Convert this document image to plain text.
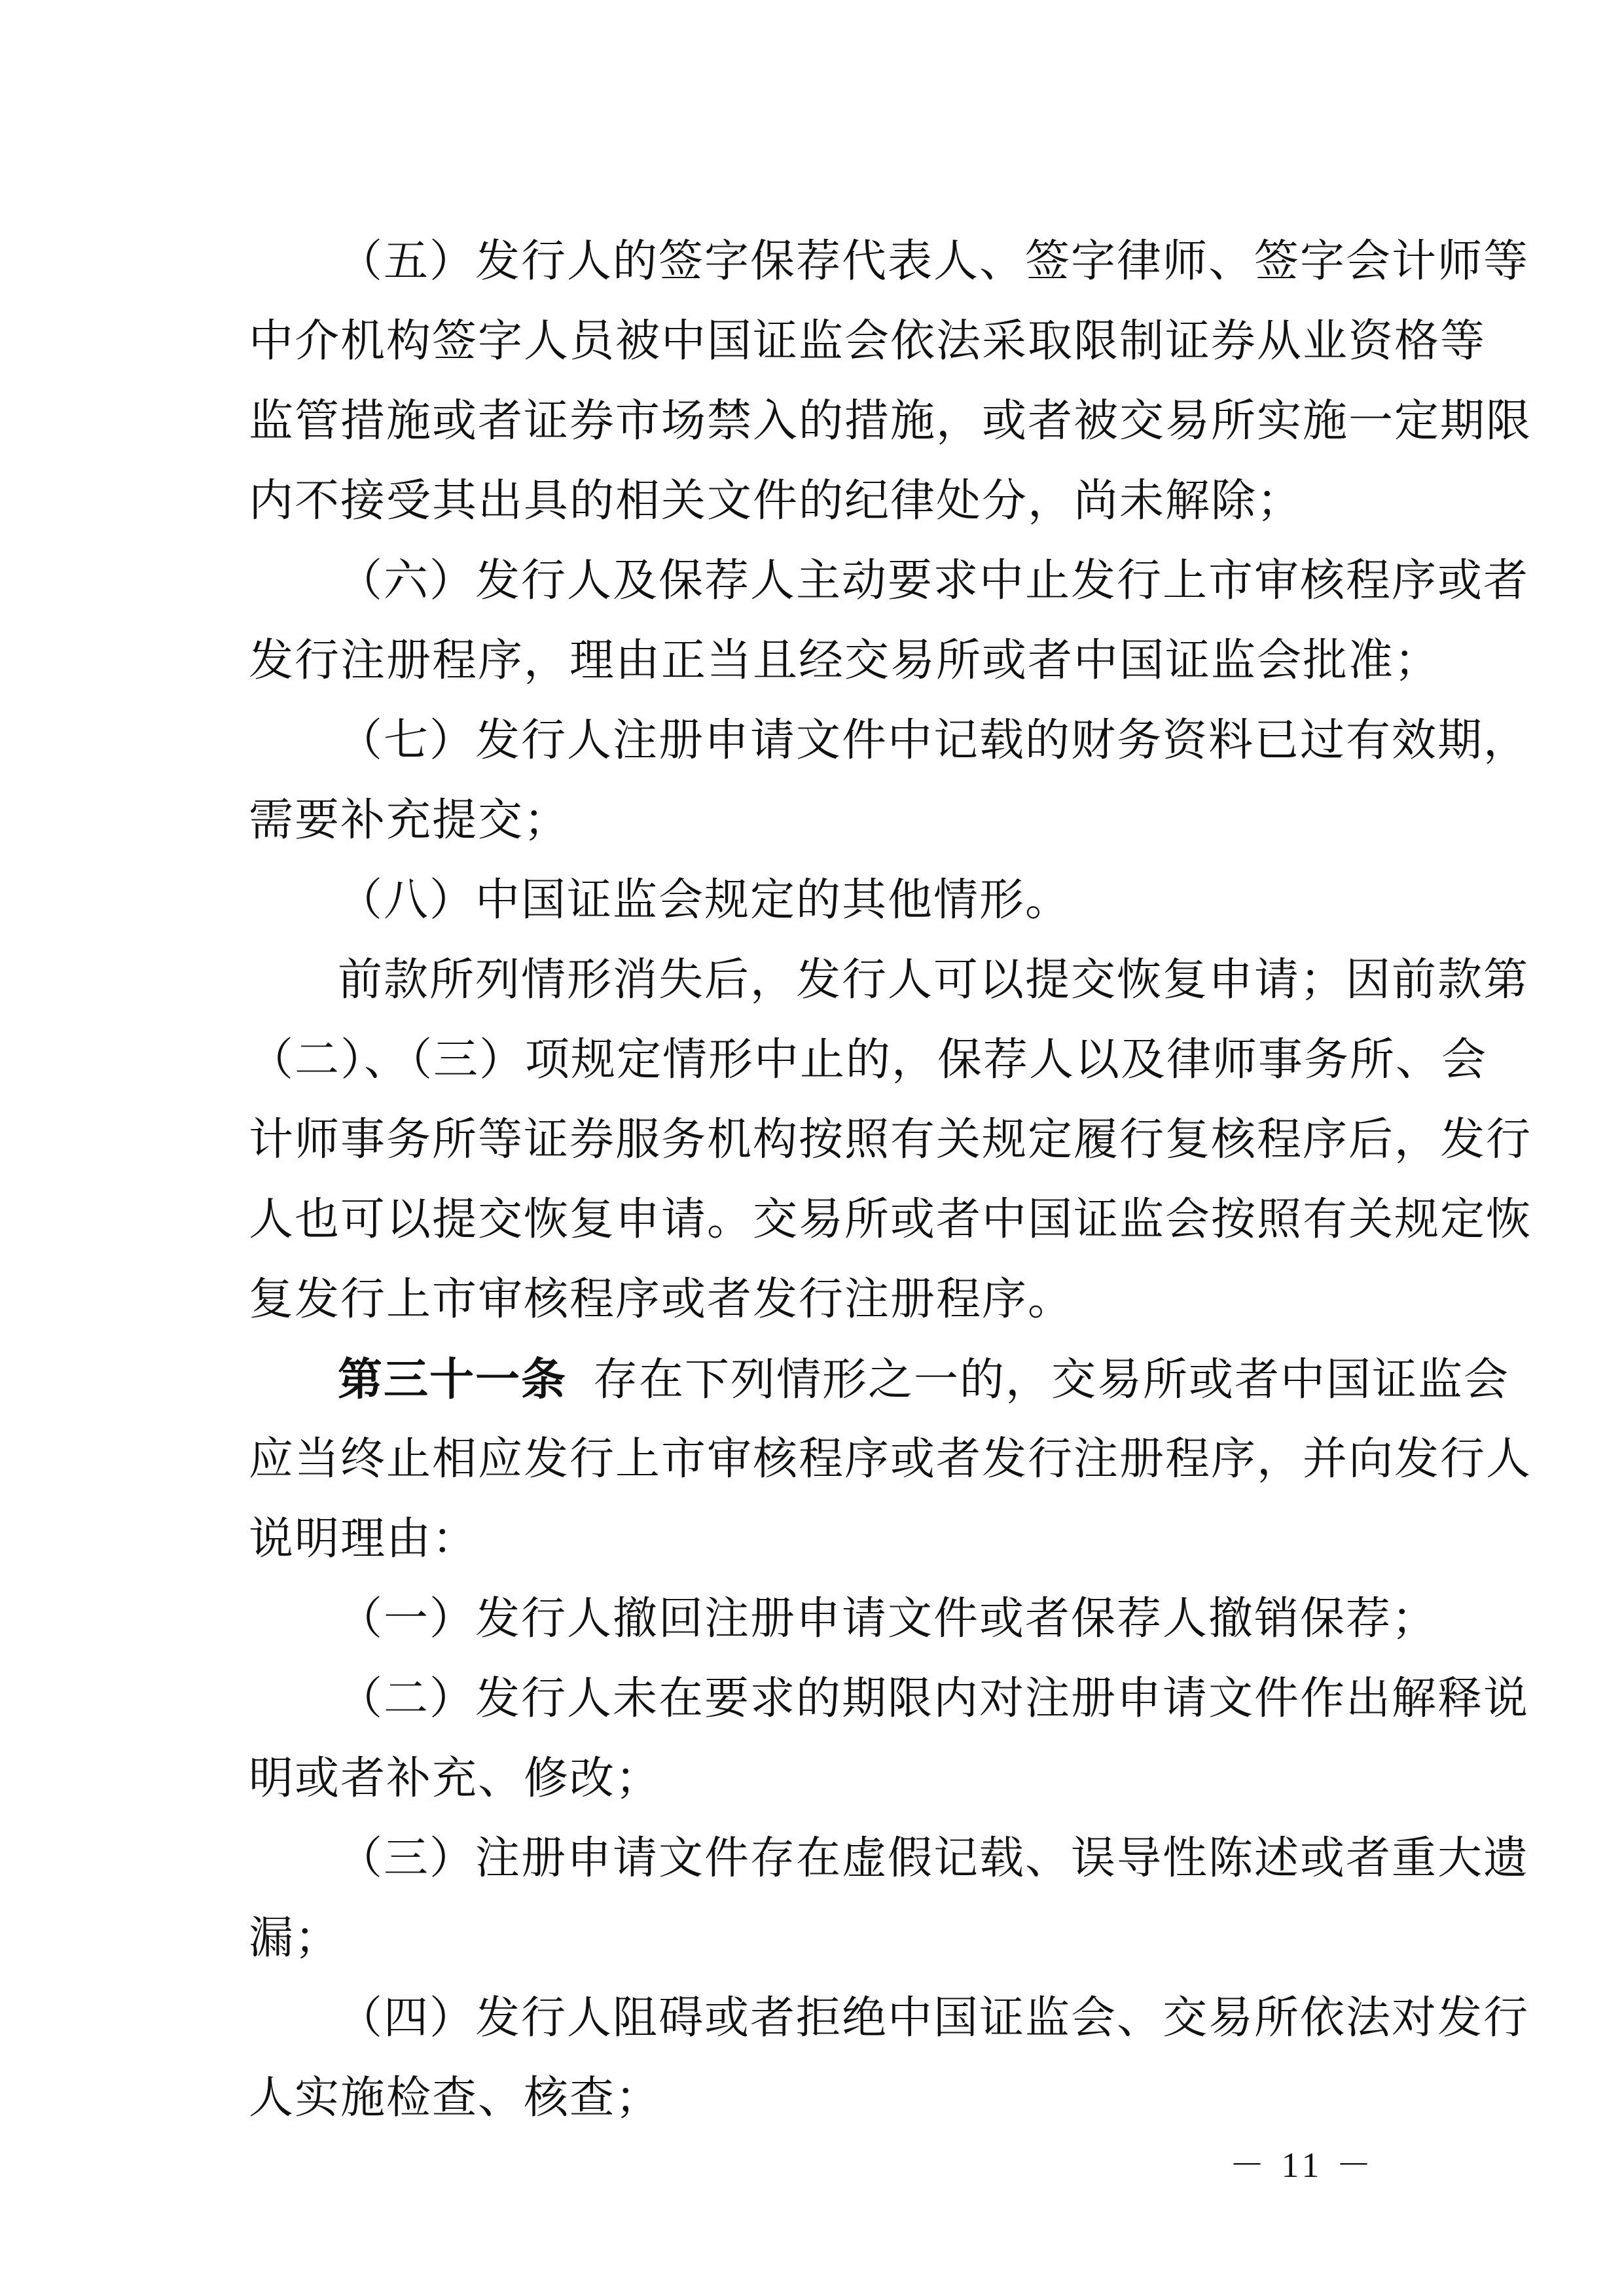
（五）发行人的签字保荐代表人、签字律师、签字会计师等
中介机构签字人员被中国证监会依法采取限制证券从业资格等
监管措施或者证券市场禁入的措施，或者被交易所实施一定期限
内不接受其出具的相关文件的纪律处分，尚未解除；
（六）发行人及保荐人主动要求中止发行上市审核程序或者
发行注册程序，理由正当且经交易所或者中国证监会批准；
（七）发行人注册申请文件中记载的财务资料已过有效期，
需要补充提交；
（八）中国证监会规定的其他情形。
前款所列情形消失后，发行人可以提交恢复申请；因前款第
（二）、（三）项规定情形中止的，保荐人以及律师事务所、会
计师事务所等证券服务机构按照有关规定履行复核程序后，发行
人也可以提交恢复申请。交易所或者中国证监会按照有关规定恢
复发行上市审核程序或者发行注册程序。
第三十一条 存在下列情形之一的，交易所或者中国证监会
应当终止相应发行上市审核程序或者发行注册程序，并向发行人
说明理由：
（一）发行人撤回注册申请文件或者保荐人撤销保荐；
（二）发行人未在要求的期限内对注册申请文件作出解释说
明或者补充、修改；
（三）注册申请文件存在虚假记载、误导性陈述或者重大遗
漏；
（四）发行人阻碍或者拒绝中国证监会、交易所依法对发行
人实施检查、核查；
－ 11 －
